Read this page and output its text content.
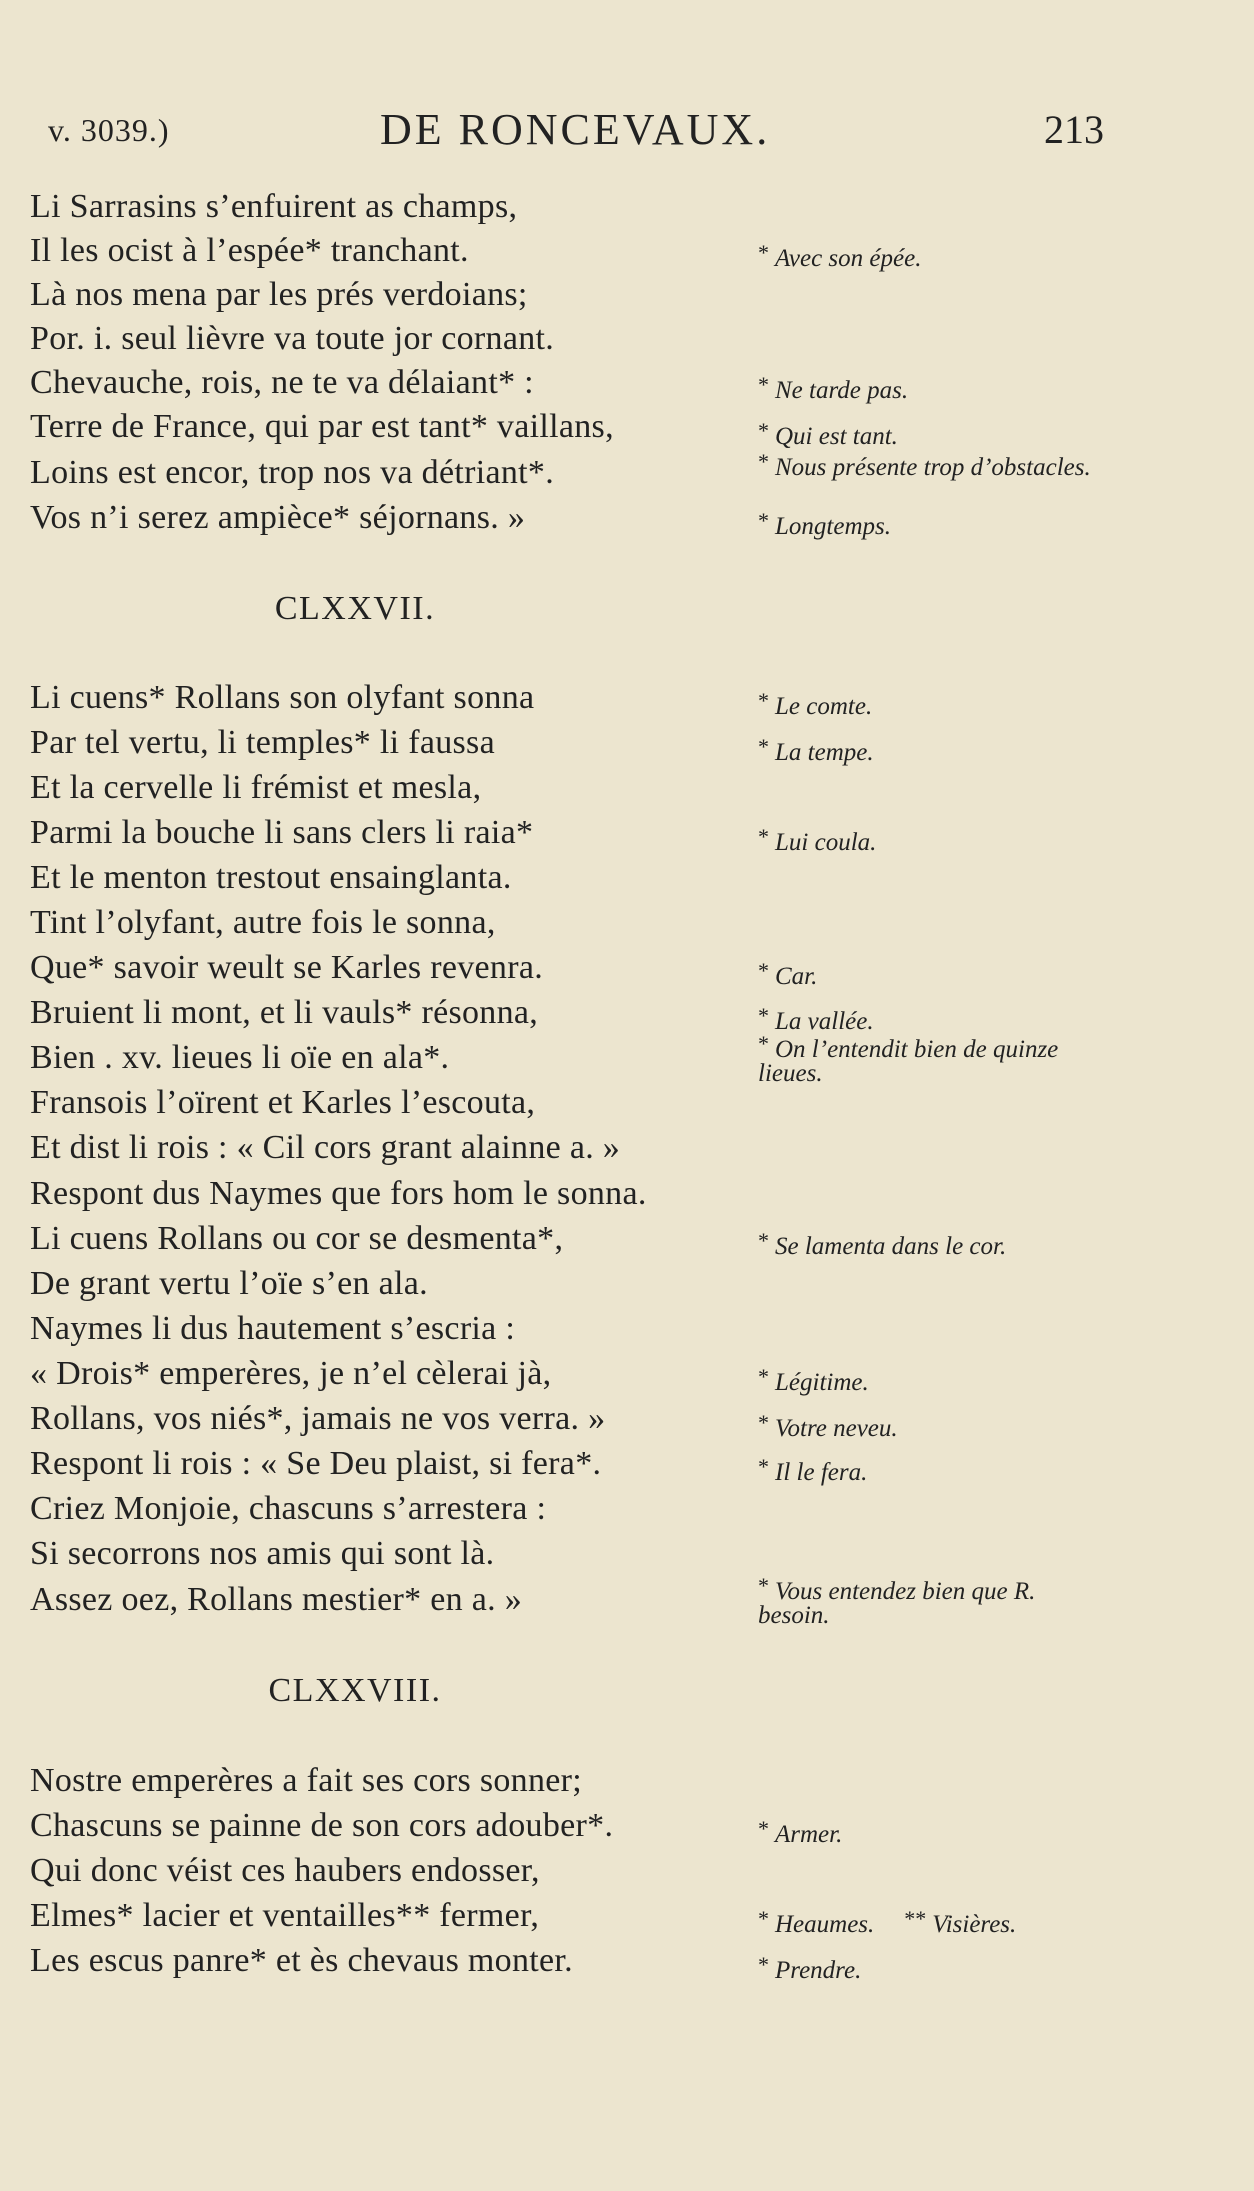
v. 3039.)	DE RONCEVAUX.	213
Li Sarrasins s’enfuirent as champs,
Il les ocist à l’espée* tranchant.
Là nos mena par les prés verdoians;
Por. i. seul lièvre va toute jor cornant.
Chevauche, rois, ne te va délaiant* :
Terre de France, qui par est tant* vaillans,
Loins est encor, trop nos va détriant*.
Vos n’i serez ampièce* séjornans. »
CLXXVII.
Li cuens* Rollans son olyfant sonna
Par tel vertu, li temples* li faussa
Et la cervelle li frémist et mesla,
Parmi la bouche li sans clers li raia*
Et le menton trestout ensainglanta.
Tint l’olyfant, autre fois le sonna,
Que* savoir weult se Karles revenra.
Bruient li mont, et li vauls* résonna,
Bien . xv. lieues li oïe en ala*.
Fransois l’oïrent et Karles l’escouta,
Et dist li rois : « Cil cors grant alainne a. »
Respont dus Naymes que fors hom le sonna.
Li cuens Rollans ou cor se desmenta*,
De grant vertu l’oïe s’en ala.
Naymes li dus hautement s’escria :
« Drois* emperères, je n’el cèlerai jà,
Rollans, vos niés*, jamais ne vos verra. »
Respont li rois : « Se Deu plaist, si fera*.
Criez Monjoie, chascuns s’arrestera :
Si secorrons nos amis qui sont là.
Assez oez, Rollans mestier* en a. »
CLXXVIII.
Nostre emperères a fait ses cors sonner;
Chascuns se painne de son cors adouber*.
Qui donc véist ces haubers endosser,
Elmes* lacier et ventailles** fermer,
Les escus panre* et ès chevaus monter.
* Avec son épée.
* Ne tarde pas.
* Qui est tant.
* Nous présente trop d’obstacles.
* Longtemps.
* Le comte.
* La tempe.
* Lui coula.
* Car.
* La vallée.
* On l’entendit bien de quinze lieues.
* Se lamenta dans le cor.
* Légitime.
* Votre neveu.
* Il le fera.
* Vous entendez bien que R. besoin.
* Armer.
* Heaumes. ** Visières.
* Prendre.
